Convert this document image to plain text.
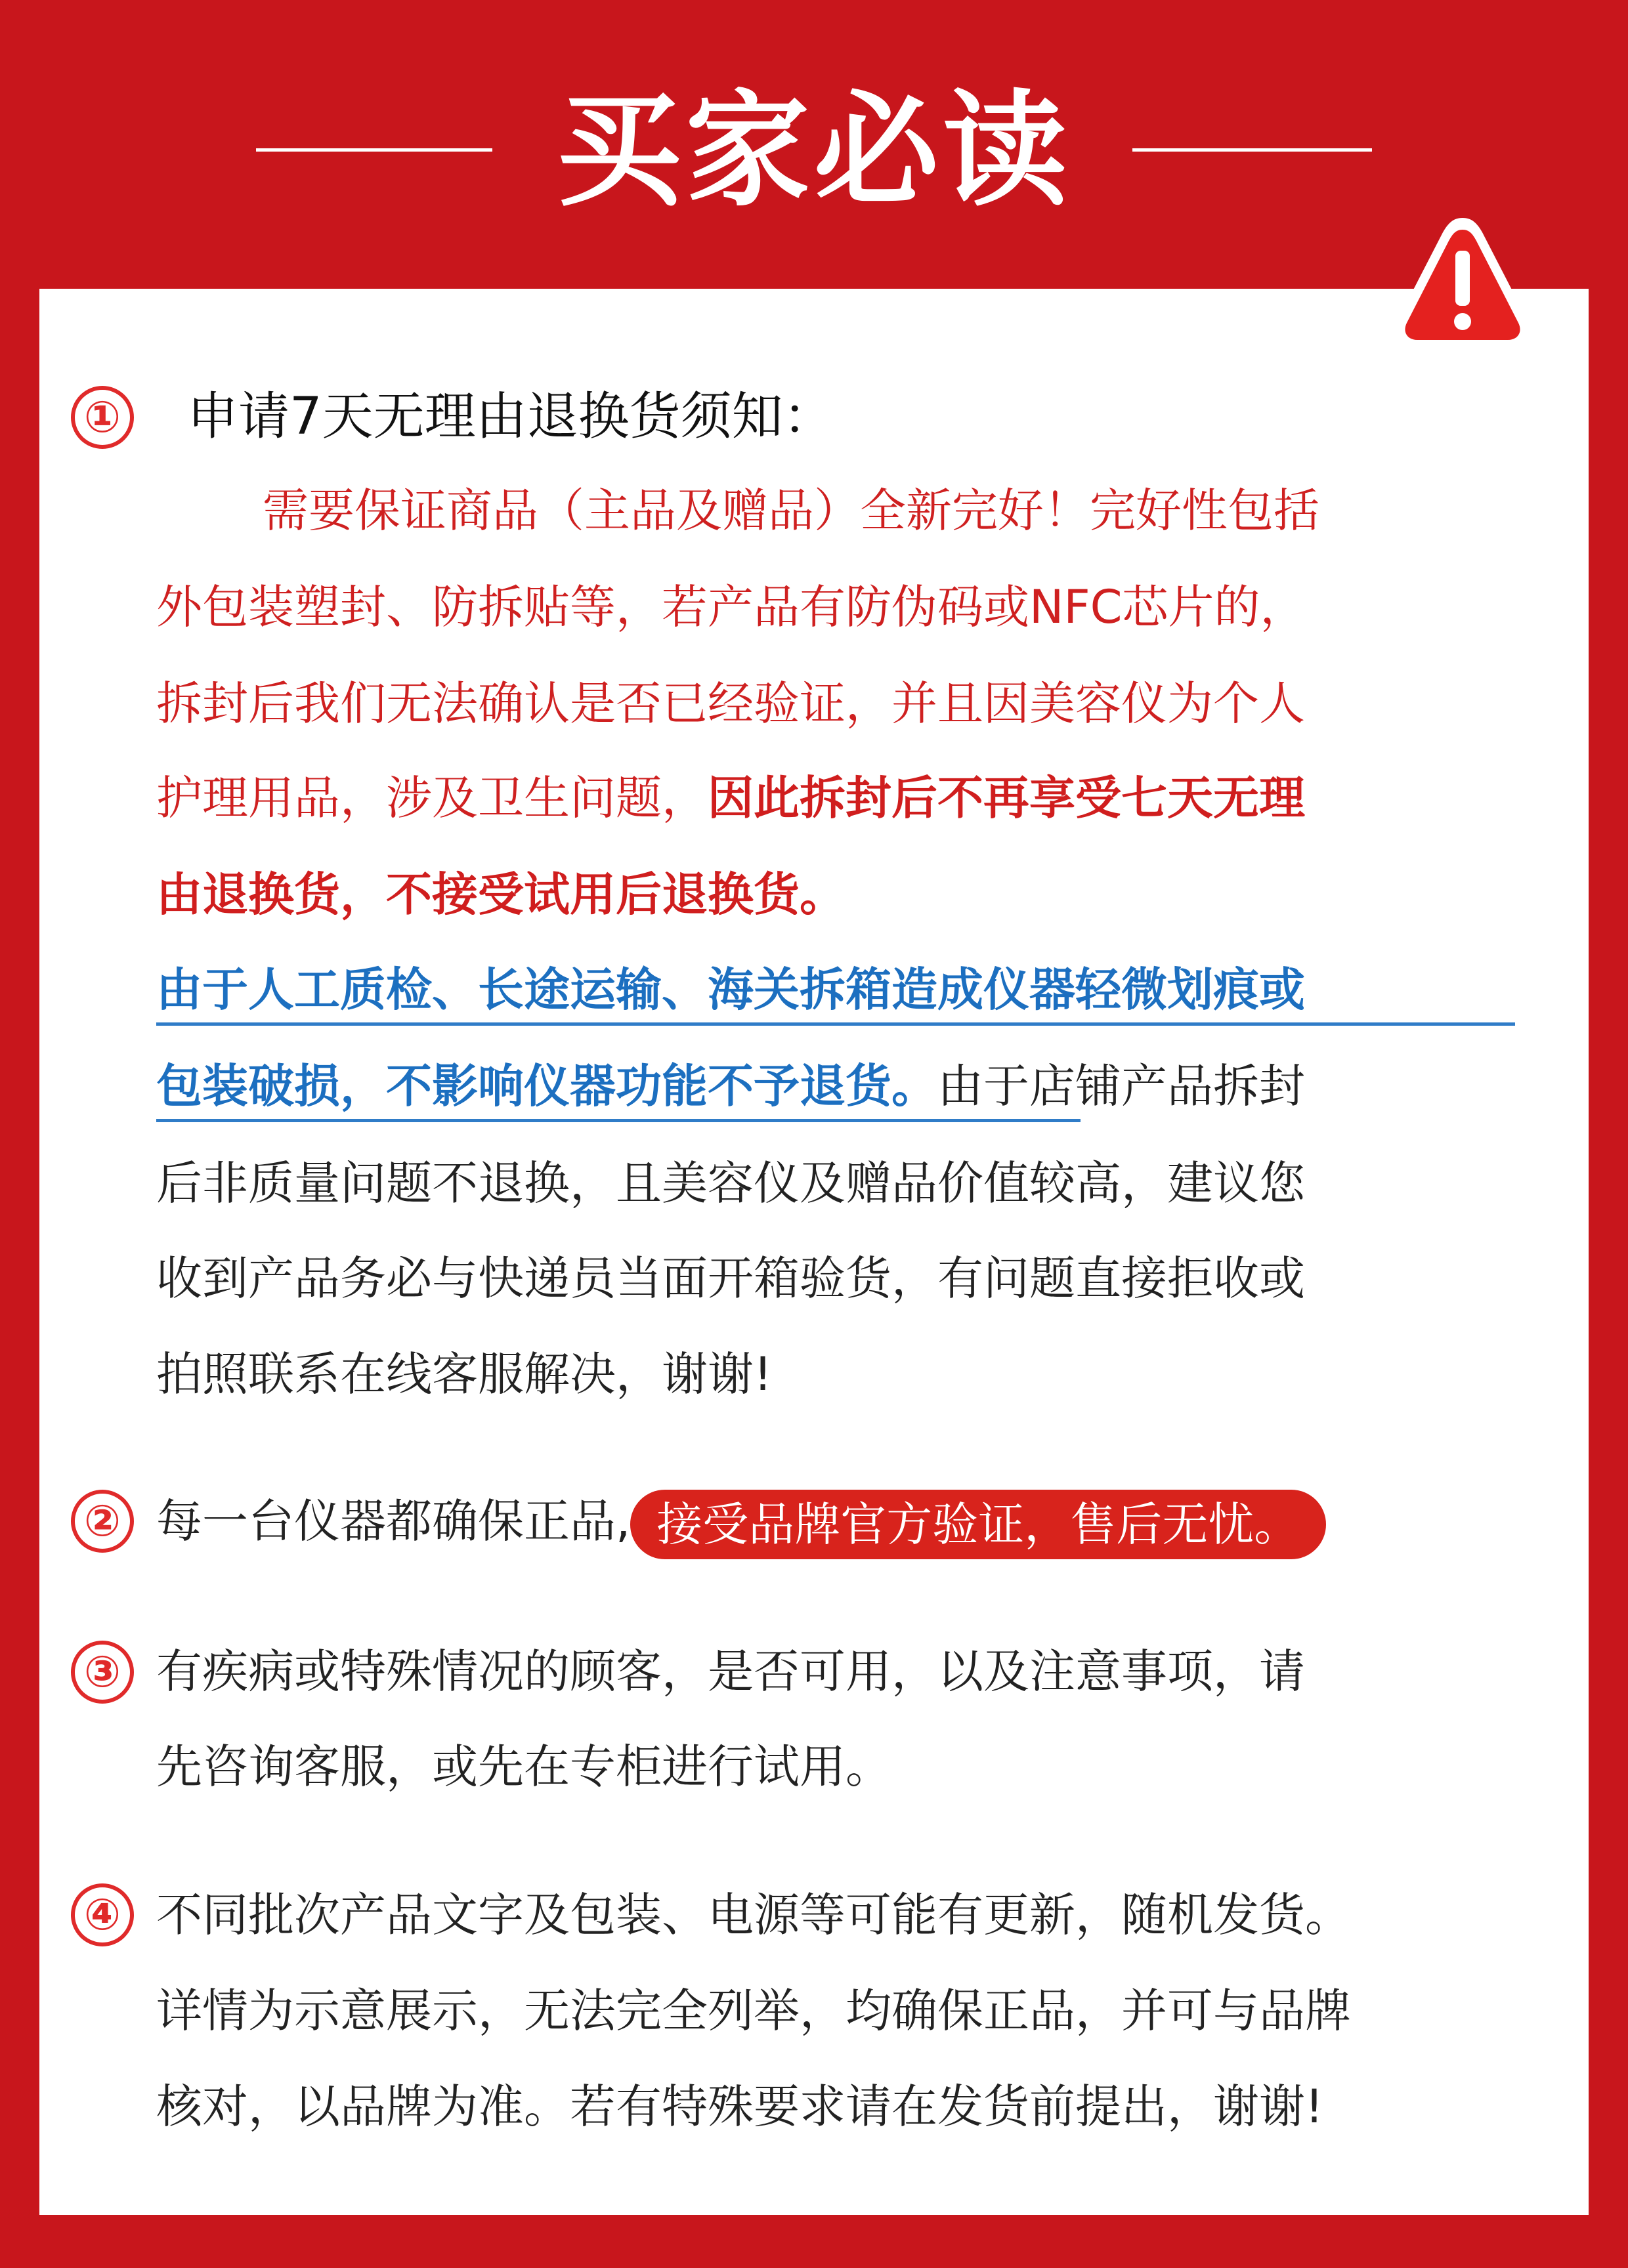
买家必读
① 申请7天无理由退换货须知：
需要保证商品（主品及赠品）全新完好！完好性包括
外包装塑封、防拆贴等，若产品有防伪码或NFC芯片的，
拆封后我们无法确认是否已经验证，并且因美容仪为个人
护理用品，涉及卫生问题，因此拆封后不再享受七天无理
由退换货，不接受试用后退换货。
由于人工质检、长途运输、海关拆箱造成仪器轻微划痕或
包装破损，不影响仪器功能不予退货。由于店铺产品拆封
后非质量问题不退换，且美容仪及赠品价值较高，建议您
收到产品务必与快递员当面开箱验货，有问题直接拒收或
拍照联系在线客服解决，谢谢!
② 每一台仪器都确保正品, 接受品牌官方验证，售后无忧。
③ 有疾病或特殊情况的顾客，是否可用，以及注意事项，请
先咨询客服，或先在专柜进行试用。
④ 不同批次产品文字及包装、电源等可能有更新，随机发货。
详情为示意展示，无法完全列举，均确保正品，并可与品牌
核对，以品牌为准。若有特殊要求请在发货前提出，谢谢!
